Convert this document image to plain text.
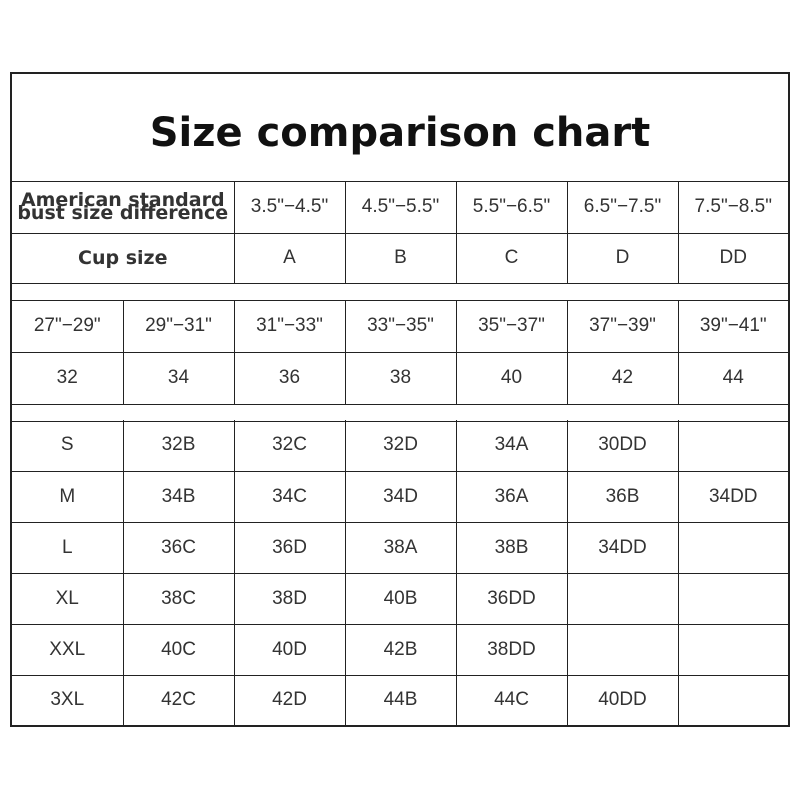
Size comparison chart
American standard bust size difference	3.5"−4.5"	4.5"−5.5"	5.5"−6.5"	6.5"−7.5"	7.5"−8.5"
Cup size	A	B	C	D	DD
27"−29"	29"−31"	31"−33"	33"−35"	35"−37"	37"−39"	39"−41"
32	34	36	38	40	42	44
S	32B	32C	32D	34A	30DD	
M	34B	34C	34D	36A	36B	34DD
L	36C	36D	38A	38B	34DD	
XL	38C	38D	40B	36DD		
XXL	40C	40D	42B	38DD		
3XL	42C	42D	44B	44C	40DD	
